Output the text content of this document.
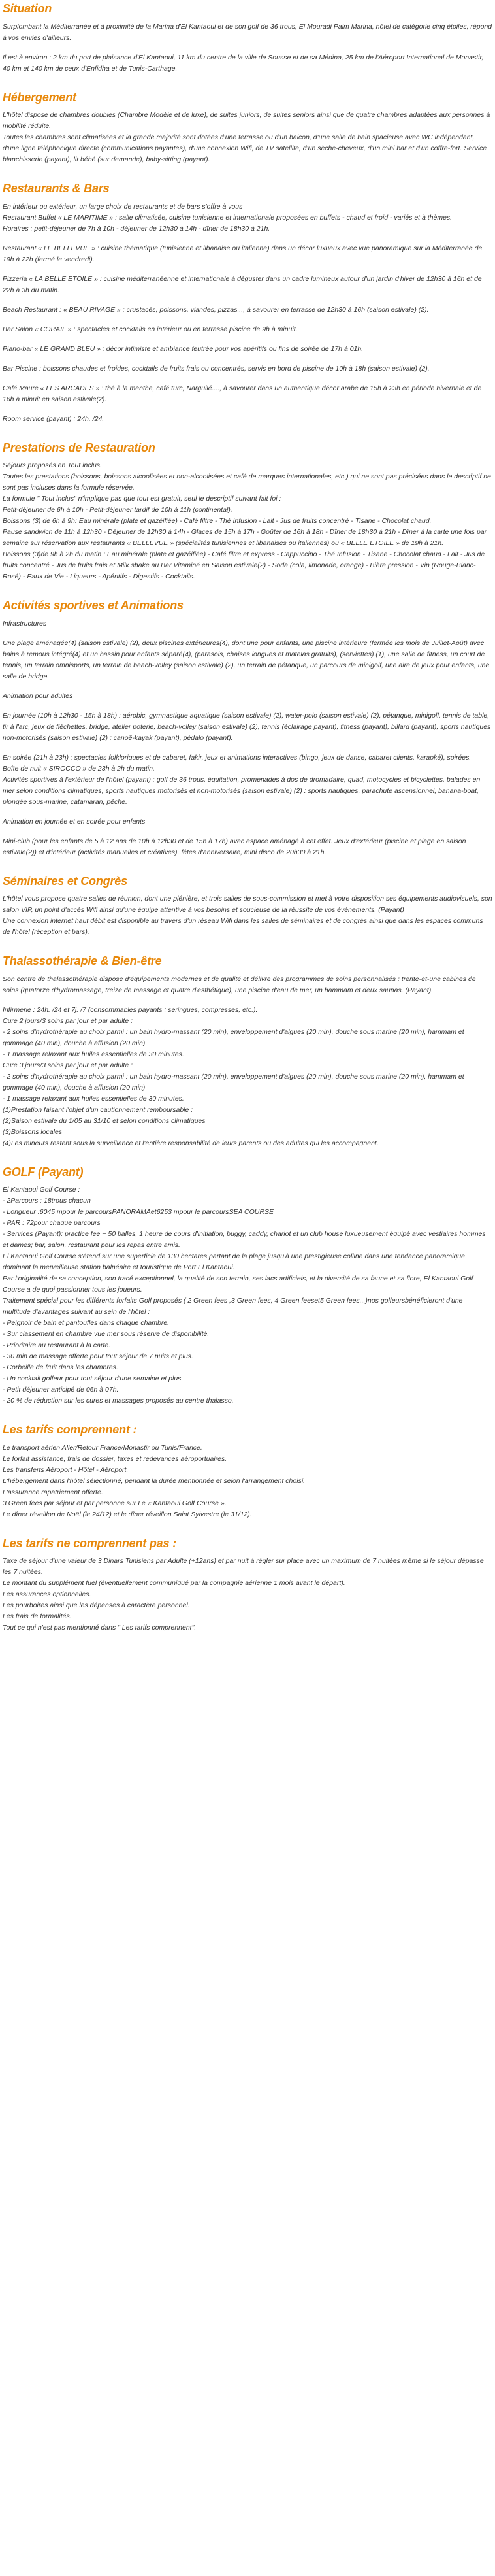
Situation

Surplombant la Méditerranée et à proximité de la Marina d'El Kantaoui et de son golf de 36 trous, El Mouradi Palm Marina, hôtel de catégorie cinq étoiles, répond à vos envies d'ailleurs.

Il est à environ : 2 km du port de plaisance d'El Kantaoui, 11 km du centre de la ville de Sousse et de sa Médina, 25 km de l'Aéroport International de Monastir, 40 km et 140 km de ceux d'Enfidha et de Tunis-Carthage.

Hébergement
L'hôtel dispose de chambres doubles (Chambre Modèle et de luxe), de suites juniors, de suites seniors ainsi que de quatre chambres adaptées aux personnes à mobilité réduite.
Toutes les chambres sont climatisées et la grande majorité sont dotées d'une terrasse ou d'un balcon, d'une salle de bain spacieuse avec WC indépendant, d'une ligne téléphonique directe (communications payantes), d'une connexion Wifi, de TV satellite, d'un sèche-cheveux, d'un mini bar et d'un coffre-fort. Service blanchisserie (payant), lit bébé (sur demande), baby-sitting (payant).
Restaurants & Bars
En intérieur ou extérieur, un large choix de restaurants et de bars s'offre à vous
Restaurant Buffet « LE MARITIME » : salle climatisée, cuisine tunisienne et internationale proposées en buffets - chaud et froid - variés et à thèmes.
Horaires : petit-déjeuner de 7h à 10h - déjeuner de 12h30 à 14h - dîner de 18h30 à 21h.

Restaurant « LE BELLEVUE » : cuisine thématique (tunisienne et libanaise ou italienne) dans un décor luxueux avec vue panoramique sur la Méditerranée de 19h à 22h (fermé le vendredi).

Pizzeria « LA BELLE ETOILE » : cuisine méditerranéenne et internationale à déguster dans un cadre lumineux autour d'un jardin d'hiver de 12h30 à 16h et de 22h à 3h du matin.

Beach Restaurant : « BEAU RIVAGE » : crustacés, poissons, viandes, pizzas..., à savourer en terrasse de 12h30 à 16h (saison estivale) (2).

Bar Salon « CORAIL » : spectacles et cocktails en intérieur ou en terrasse piscine de 9h à minuit.

Piano-bar « LE GRAND BLEU » : décor intimiste et ambiance feutrée pour vos apéritifs ou fins de soirée de 17h à 01h.

Bar Piscine : boissons chaudes et froides, cocktails de fruits frais ou concentrés, servis en bord de piscine de 10h à 18h (saison estivale) (2).

Café Maure « LES ARCADES » : thé à la menthe, café turc, Narguilé...., à savourer dans un authentique décor arabe de 15h à 23h en période hivernale et de 16h à minuit en saison estivale(2).

Room service (payant) : 24h. /24.

Prestations de Restauration
Séjours proposés en Tout inclus.
Toutes les prestations (boissons, boissons alcoolisées et non-alcoolisées et café de marques internationales, etc.) qui ne sont pas précisées dans le descriptif ne sont pas incluses dans la formule réservée.
La formule " Tout inclus" n'implique pas que tout est gratuit, seul le descriptif suivant fait foi :
Petit-déjeuner de 6h à 10h - Petit-déjeuner tardif de 10h à 11h (continental).
Boissons (3) de 6h à 9h: Eau minérale (plate et gazéifiée) - Café filtre - Thé Infusion - Lait - Jus de fruits concentré - Tisane - Chocolat chaud.
Pause sandwich de 11h à 12h30 - Déjeuner de 12h30 à 14h - Glaces de 15h à 17h - Goûter de 16h à 18h - Dîner de 18h30 à 21h - Dîner à la carte une fois par semaine sur réservation aux restaurants « BELLEVUE » (spécialités tunisiennes et libanaises ou italiennes) ou « BELLE ETOILE » de 19h à 21h.
Boissons (3)de 9h à 2h du matin : Eau minérale (plate et gazéifiée) - Café filtre et express - Cappuccino - Thé Infusion - Tisane - Chocolat chaud - Lait - Jus de fruits concentré - Jus de fruits frais et Milk shake au Bar Vitaminé en Saison estivale(2) - Soda (cola, limonade, orange) - Bière pression - Vin (Rouge-Blanc-Rosé) - Eaux de Vie - Liqueurs - Apéritifs - Digestifs - Cocktails.
Activités sportives et Animations

Infrastructures

Une plage aménagée(4) (saison estivale) (2), deux piscines extérieures(4), dont une pour enfants, une piscine intérieure (fermée les mois de Juillet-Août) avec bains à remous intégré(4) et un bassin pour enfants séparé(4), (parasols, chaises longues et matelas gratuits), (serviettes) (1), une salle de fitness, un court de tennis, un terrain omnisports, un terrain de beach-volley (saison estivale) (2), un terrain de pétanque, un parcours de minigolf, une aire de jeux pour enfants, une salle de bridge.

Animation pour adultes

En journée (10h à 12h30 - 15h à 18h) : aérobic, gymnastique aquatique (saison estivale) (2), water-polo (saison estivale) (2), pétanque, minigolf, tennis de table, tir à l'arc, jeux de fléchettes, bridge, atelier poterie, beach-volley (saison estivale) (2), tennis (éclairage payant), fitness (payant), billard (payant), sports nautiques non-motorisés (saison estivale) (2) : canoë-kayak (payant), pédalo (payant).

En soirée (21h à 23h) : spectacles folkloriques et de cabaret, fakir, jeux et animations interactives (bingo, jeux de danse, cabaret clients, karaoké), soirées.
Boîte de nuit « SIROCCO » de 23h à 2h du matin.
Activités sportives à l'extérieur de l'hôtel (payant) : golf de 36 trous, équitation, promenades à dos de dromadaire, quad, motocycles et bicyclettes, balades en mer selon conditions climatiques, sports nautiques motorisés et non-motorisés (saison estivale) (2) : sports nautiques, parachute ascensionnel, banana-boat, plongée sous-marine, catamaran, pêche.

Animation en journée et en soirée pour enfants

Mini-club (pour les enfants de 5 à 12 ans de 10h à 12h30 et de 15h à 17h) avec espace aménagé à cet effet. Jeux d'extérieur (piscine et plage en saison estivale(2)) et d'intérieur (activités manuelles et créatives). fêtes d'anniversaire, mini disco de 20h30 à 21h.

Séminaires et Congrès
L'hôtel vous propose quatre salles de réunion, dont une plénière, et trois salles de sous-commission et met à votre disposition ses équipements audiovisuels, son salon VIP, un point d'accès Wifi ainsi qu'une équipe attentive à vos besoins et soucieuse de la réussite de vos événements. (Payant)
Une connexion internet haut débit est disponible au travers d'un réseau Wifi dans les salles de séminaires et de congrès ainsi que dans les espaces communs de l'hôtel (réception et bars).
Thalassothérapie & Bien-être

Son centre de thalassothérapie dispose d'équipements modernes et de qualité et délivre des programmes de soins personnalisés : trente-et-une cabines de soins (quatorze d'hydromassage, treize de massage et quatre d'esthétique), une piscine d'eau de mer, un hammam et deux saunas. (Payant).

Infirmerie : 24h. /24 et 7j. /7 (consommables payants : seringues, compresses, etc.).
Cure 2 jours/3 soins par jour et par adulte :
- 2 soins d'hydrothérapie au choix parmi : un bain hydro-massant (20 min), enveloppement d'algues (20 min), douche sous marine (20 min), hammam et gommage (40 min), douche à affusion (20 min)
- 1 massage relaxant aux huiles essentielles de 30 minutes.
Cure 3 jours/3 soins par jour et par adulte :
- 2 soins d'hydrothérapie au choix parmi : un bain hydro-massant (20 min), enveloppement d'algues (20 min), douche sous marine (20 min), hammam et gommage (40 min), douche à affusion (20 min)
- 1 massage relaxant aux huiles essentielles de 30 minutes.
(1)Prestation faisant l'objet d'un cautionnement remboursable :
(2)Saison estivale du 1/05 au 31/10 et selon conditions climatiques
(3)Boissons locales
(4)Les mineurs restent sous la surveillance et l'entière responsabilité de leurs parents ou des adultes qui les accompagnent.
GOLF (Payant)
El Kantaoui Golf Course :
- 2Parcours : 18trous chacun
- Longueur :6045 mpour le parcoursPANORAMAet6253 mpour le parcoursSEA COURSE
- PAR : 72pour chaque parcours
- Services (Payant): practice fee + 50 balles, 1 heure de cours d'initiation, buggy, caddy, chariot et un club house luxueusement équipé avec vestiaires hommes et dames; bar, salon, restaurant pour les repas entre amis.
El Kantaoui Golf Course s'étend sur une superficie de 130 hectares partant de la plage jusqu'à une prestigieuse colline dans une tendance panoramique dominant la merveilleuse station balnéaire et touristique de Port El Kantaoui.
Par l'originalité de sa conception, son tracé exceptionnel, la qualité de son terrain, ses lacs artificiels, et la diversité de sa faune et sa flore, El Kantaoui Golf Course a de quoi passionner tous les joueurs.
Traitement spécial pour les différents forfaits Golf proposés ( 2 Green fees ,3 Green fees, 4 Green feeset5 Green fees...)nos golfeursbénéficieront d'une multitude d'avantages suivant au sein de l'hôtel :
- Peignoir de bain et pantoufles dans chaque chambre.
- Sur classement en chambre vue mer sous réserve de disponibilité.
- Prioritaire au restaurant à la carte.
- 30 min de massage offerte pour tout séjour de 7 nuits et plus.
- Corbeille de fruit dans les chambres.
- Un cocktail golfeur pour tout séjour d'une semaine et plus.
- Petit déjeuner anticipé de 06h à 07h.
- 20 % de réduction sur les cures et massages proposés au centre thalasso.
Les tarifs comprennent :
Le transport aérien Aller/Retour France/Monastir ou Tunis/France.
Le forfait assistance, frais de dossier, taxes et redevances aéroportuaires.
Les transferts Aéroport - Hôtel - Aéroport.
L'hébergement dans l'hôtel sélectionné, pendant la durée mentionnée et selon l'arrangement choisi.
L'assurance rapatriement offerte.
3 Green fees par séjour et par personne sur Le « Kantaoui Golf Course ».
Le dîner réveillon de Noël (le 24/12) et le dîner réveillon Saint Sylvestre (le 31/12).
Les tarifs ne comprennent pas :
Taxe de séjour d'une valeur de 3 Dinars Tunisiens par Adulte (+12ans) et par nuit à régler sur place avec un maximum de 7 nuitées même si le séjour dépasse les 7 nuitées.
Le montant du supplément fuel (éventuellement communiqué par la compagnie aérienne 1 mois avant le départ).
Les assurances optionnelles.
Les pourboires ainsi que les dépenses à caractère personnel.
Les frais de formalités.
Tout ce qui n'est pas mentionné dans " Les tarifs comprennent".
